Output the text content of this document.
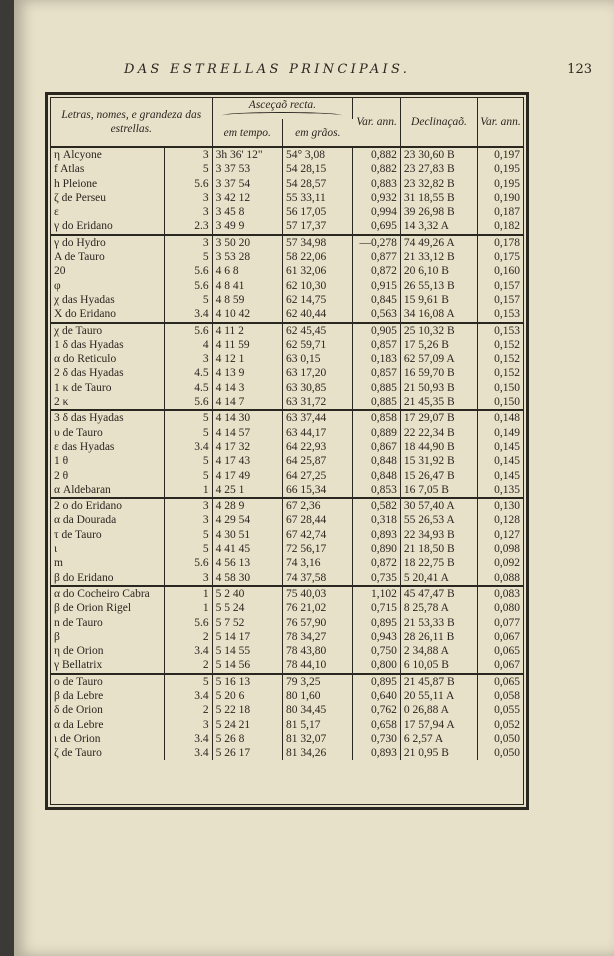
DAS ESTRELLAS PRINCIPAIS.	123
Letras, nomes, e grandeza das estrellas.		Asceçaõ recta.		Var. ann.	Declinaçaõ.	Var. ann.
		em tempo.	em grãos.			
η Alcyone	3	3h 36' 12"	54° 3,08	0,882	23 30,60 B	0,197
f Atlas	5	3 37 53	54 28,15	0,882	23 27,83 B	0,195
h Pleione	5.6	3 37 54	54 28,57	0,883	23 32,82 B	0,195
ζ de Perseu	3	3 42 12	55 33,11	0,932	31 18,55 B	0,190
ε	3	3 45 8	56 17,05	0,994	39 26,98 B	0,187
γ do Eridano	2.3	3 49 9	57 17,37	0,695	14 3,32 A	0,182
γ do Hydro	3	3 50 20	57 34,98	—0,278	74 49,26 A	0,178
A de Tauro	5	3 53 28	58 22,06	0,877	21 33,12 B	0,175
20	5.6	4 6 8	61 32,06	0,872	20 6,10 B	0,160
φ	5.6	4 8 41	62 10,30	0,915	26 55,13 B	0,157
χ das Hyadas	5	4 8 59	62 14,75	0,845	15 9,61 B	0,157
X do Eridano	3.4	4 10 42	62 40,44	0,563	34 16,08 A	0,153
χ de Tauro	5.6	4 11 2	62 45,45	0,905	25 10,32 B	0,153
1 δ das Hyadas	4	4 11 59	62 59,71	0,857	17 5,26 B	0,152
α do Reticulo	3	4 12 1	63 0,15	0,183	62 57,09 A	0,152
2 δ das Hyadas	4.5	4 13 9	63 17,20	0,857	16 59,70 B	0,152
1 κ de Tauro	4.5	4 14 3	63 30,85	0,885	21 50,93 B	0,150
2 κ	5.6	4 14 7	63 31,72	0,885	21 45,35 B	0,150
3 δ das Hyadas	5	4 14 30	63 37,44	0,858	17 29,07 B	0,148
υ de Tauro	5	4 14 57	63 44,17	0,889	22 22,34 B	0,149
ε das Hyadas	3.4	4 17 32	64 22,93	0,867	18 44,90 B	0,145
1 θ	5	4 17 43	64 25,87	0,848	15 31,92 B	0,145
2 θ	5	4 17 49	64 27,25	0,848	15 26,47 B	0,145
α Aldebaran	1	4 25 1	66 15,34	0,853	16 7,05 B	0,135
2 ο do Eridano	3	4 28 9	67 2,36	0,582	30 57,40 A	0,130
α da Dourada	3	4 29 54	67 28,44	0,318	55 26,53 A	0,128
τ de Tauro	5	4 30 51	67 42,74	0,893	22 34,93 B	0,127
ι	5	4 41 45	72 56,17	0,890	21 18,50 B	0,098
m	5.6	4 56 13	74 3,16	0,872	18 22,75 B	0,092
β do Eridano	3	4 58 30	74 37,58	0,735	5 20,41 A	0,088
α do Cocheiro Cabra	1	5 2 40	75 40,03	1,102	45 47,47 B	0,083
β de Orion Rigel	1	5 5 24	76 21,02	0,715	8 25,78 A	0,080
n de Tauro	5.6	5 7 52	76 57,90	0,895	21 53,33 B	0,077
β	2	5 14 17	78 34,27	0,943	28 26,11 B	0,067
η de Orion	3.4	5 14 55	78 43,80	0,750	2 34,88 A	0,065
γ Bellatrix	2	5 14 56	78 44,10	0,800	6 10,05 B	0,067
ο de Tauro	5	5 16 13	79 3,25	0,895	21 45,87 B	0,065
β da Lebre	3.4	5 20 6	80 1,60	0,640	20 55,11 A	0,058
δ de Orion	2	5 22 18	80 34,45	0,762	0 26,88 A	0,055
α da Lebre	3	5 24 21	81 5,17	0,658	17 57,94 A	0,052
ι de Orion	3.4	5 26 8	81 32,07	0,730	6 2,57 A	0,050
ζ de Tauro	3.4	5 26 17	81 34,26	0,893	21 0,95 B	0,050
